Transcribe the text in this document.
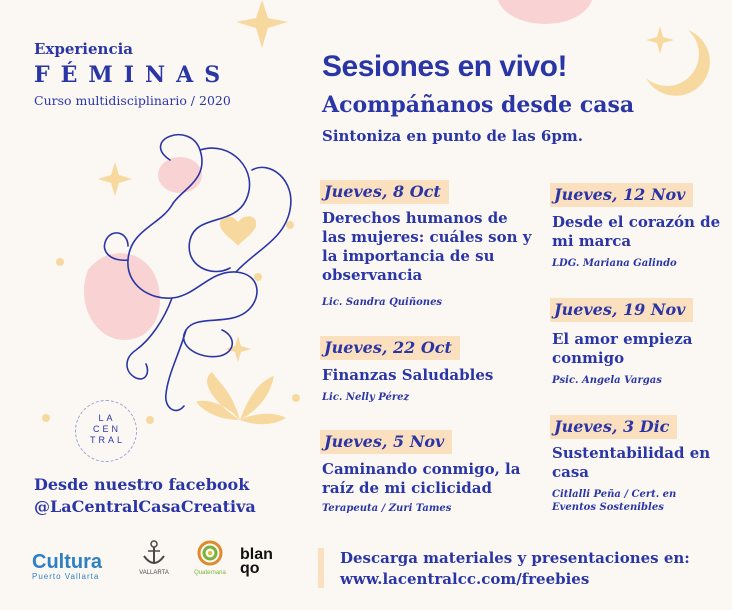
Experiencia
FÉMINAS
Curso multidisciplinario / 2020
LA CEN TRAL
Sesiones en vivo!
Acompáñanos desde casa
Sintoniza en punto de las 6pm.
Jueves, 8 Oct
Derechos humanos de las mujeres: cuáles son y la importancia de su observancia
Lic. Sandra Quiñones
Jueves, 22 Oct
Finanzas Saludables
Lic. Nelly Pérez
Jueves, 5 Nov
Caminando conmigo, la raíz de mi ciclicidad
Terapeuta / Zuri Tames
Jueves, 12 Nov
Desde el corazón de mi marca
LDG. Mariana Galindo
Jueves, 19 Nov
El amor empieza conmigo
Psic. Angela Vargas
Jueves, 3 Dic
Sustentabilidad en casa
Citlalli Peña / Cert. en Eventos Sostenibles
Desde nuestro facebook
@LaCentralCasaCreativa
Cultura
Puerto Vallarta	VALLARTA	Quaternaria
blanqo
Descarga materiales y presentaciones en:
www.lacentralcc.com/freebies
